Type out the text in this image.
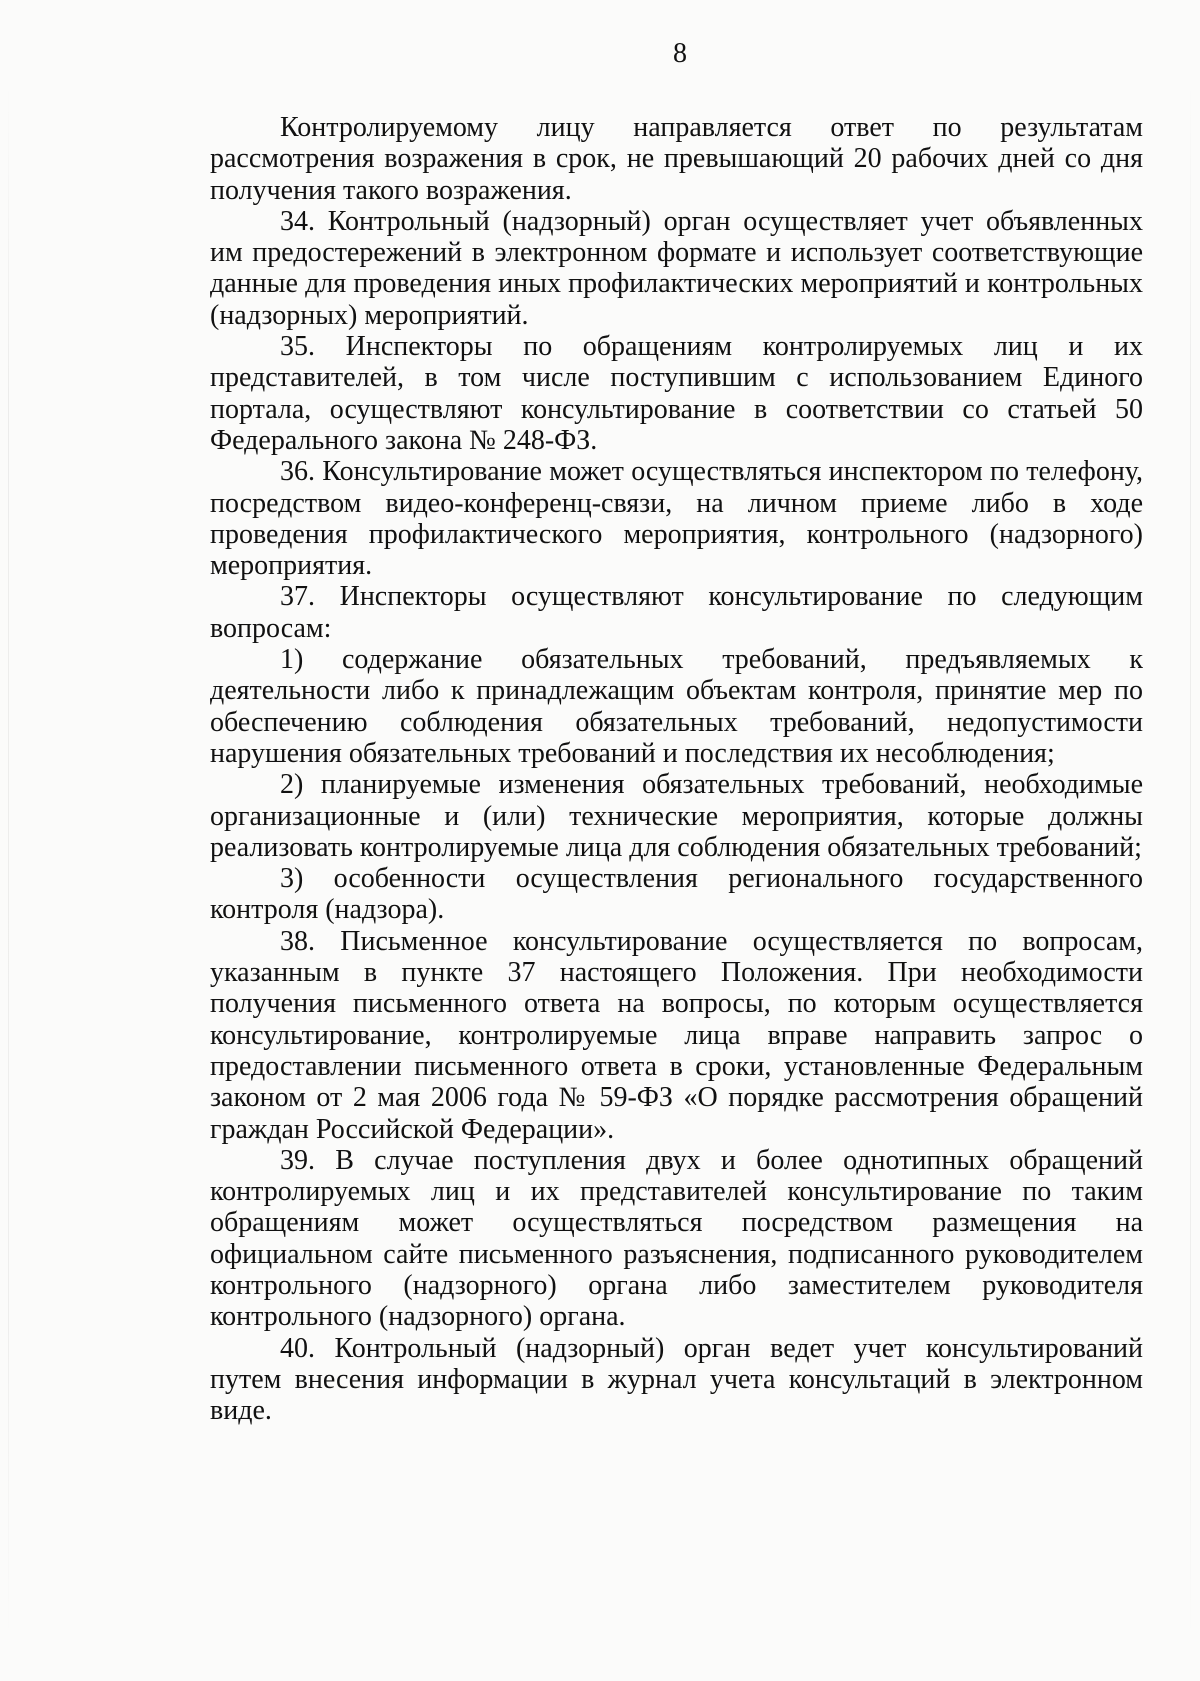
8

Контролируемому лицу направляется ответ по результатам рассмотрения возражения в срок, не превышающий 20 рабочих дней со дня получения такого возражения.

34. Контрольный (надзорный) орган осуществляет учет объявленных им предостережений в электронном формате и использует соответствующие данные для проведения иных профилактических мероприятий и контрольных (надзорных) мероприятий.

35. Инспекторы по обращениям контролируемых лиц и их представителей, в том числе поступившим с использованием Единого портала, осуществляют консультирование в соответствии со статьей 50 Федерального закона № 248-ФЗ.

36. Консультирование может осуществляться инспектором по телефону, посредством видео-конференц-связи, на личном приеме либо в ходе проведения профилактического мероприятия, контрольного (надзорного) мероприятия.

37. Инспекторы осуществляют консультирование по следующим вопросам:

1) содержание обязательных требований, предъявляемых к деятельности либо к принадлежащим объектам контроля, принятие мер по обеспечению соблюдения обязательных требований, недопустимости нарушения обязательных требований и последствия их несоблюдения;

2) планируемые изменения обязательных требований, необходимые организационные и (или) технические мероприятия, которые должны реализовать контролируемые лица для соблюдения обязательных требований;

3) особенности осуществления регионального государственного контроля (надзора).

38. Письменное консультирование осуществляется по вопросам, указанным в пункте 37 настоящего Положения. При необходимости получения письменного ответа на вопросы, по которым осуществляется консультирование, контролируемые лица вправе направить запрос о предоставлении письменного ответа в сроки, установленные Федеральным законом от 2 мая 2006 года № 59-ФЗ «О порядке рассмотрения обращений граждан Российской Федерации».

39. В случае поступления двух и более однотипных обращений контролируемых лиц и их представителей консультирование по таким обращениям может осуществляться посредством размещения на официальном сайте письменного разъяснения, подписанного руководителем контрольного (надзорного) органа либо заместителем руководителя контрольного (надзорного) органа.

40. Контрольный (надзорный) орган ведет учет консультирований путем внесения информации в журнал учета консультаций в электронном виде.
